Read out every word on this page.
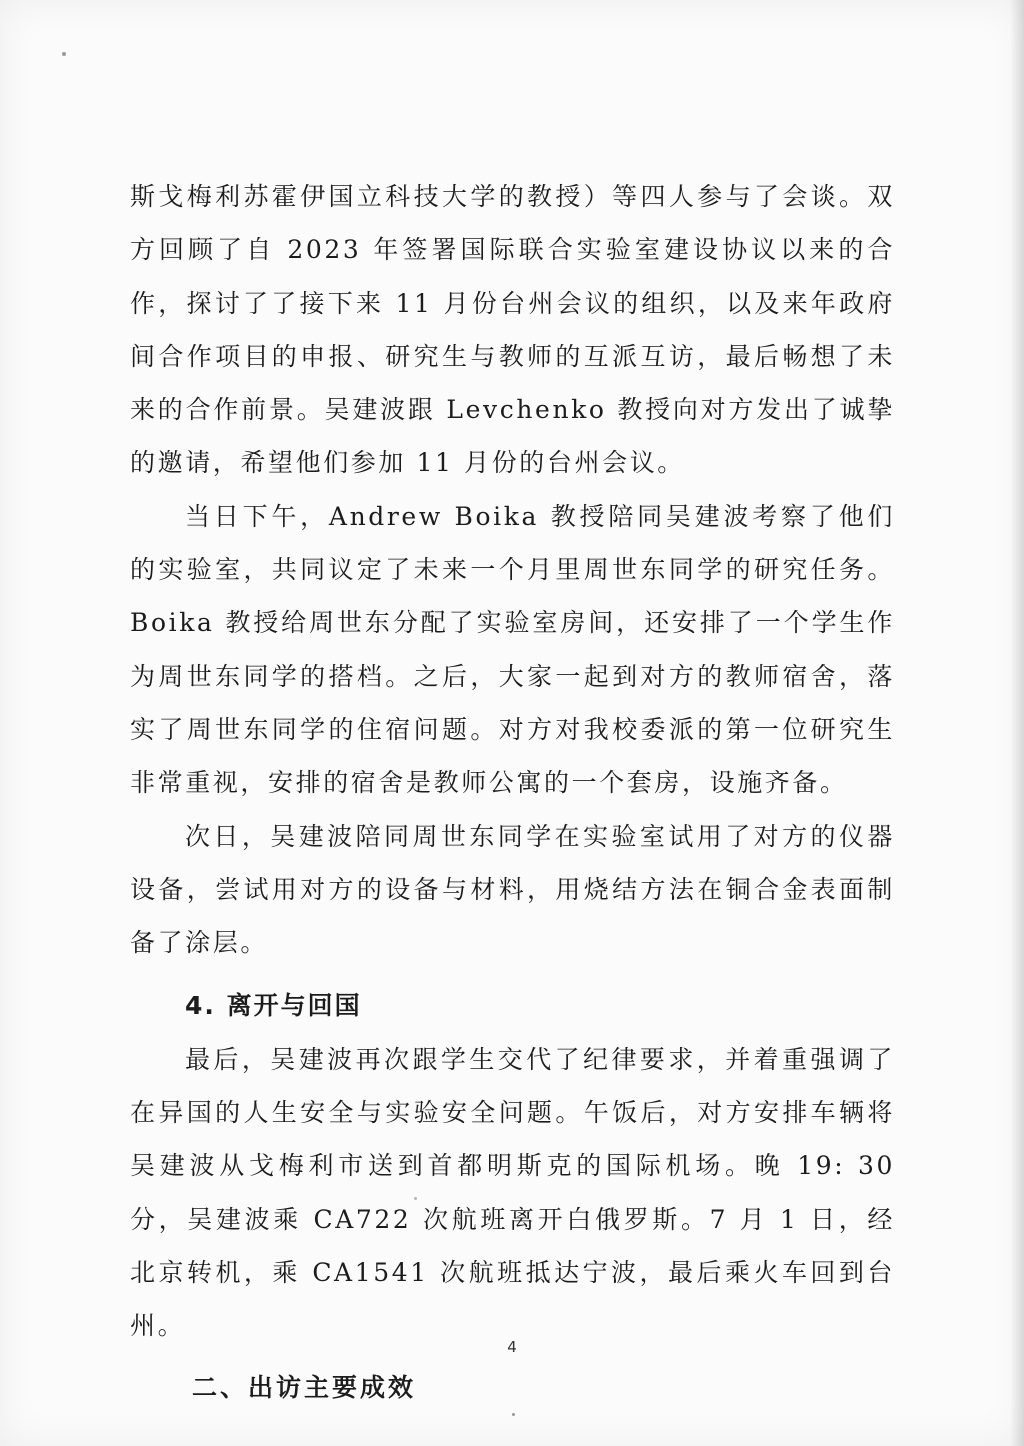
斯戈梅利苏霍伊国立科技大学的教授）等四人参与了会谈。双方回顾了自 2023 年签署国际联合实验室建设协议以来的合作，探讨了了接下来 11 月份台州会议的组织，以及来年政府间合作项目的申报、研究生与教师的互派互访，最后畅想了未来的合作前景。吴建波跟 Levchenko 教授向对方发出了诚挚的邀请，希望他们参加 11 月份的台州会议。

当日下午，Andrew Boika 教授陪同吴建波考察了他们的实验室，共同议定了未来一个月里周世东同学的研究任务。Boika 教授给周世东分配了实验室房间，还安排了一个学生作为周世东同学的搭档。之后，大家一起到对方的教师宿舍，落实了周世东同学的住宿问题。对方对我校委派的第一位研究生非常重视，安排的宿舍是教师公寓的一个套房，设施齐备。

次日，吴建波陪同周世东同学在实验室试用了对方的仪器设备，尝试用对方的设备与材料，用烧结方法在铜合金表面制备了涂层。

4. 离开与回国

最后，吴建波再次跟学生交代了纪律要求，并着重强调了在异国的人生安全与实验安全问题。午饭后，对方安排车辆将吴建波从戈梅利市送到首都明斯克的国际机场。晚 19: 30 分，吴建波乘 CA722 次航班离开白俄罗斯。7 月 1 日，经北京转机，乘 CA1541 次航班抵达宁波，最后乘火车回到台州。

二、出访主要成效
4
